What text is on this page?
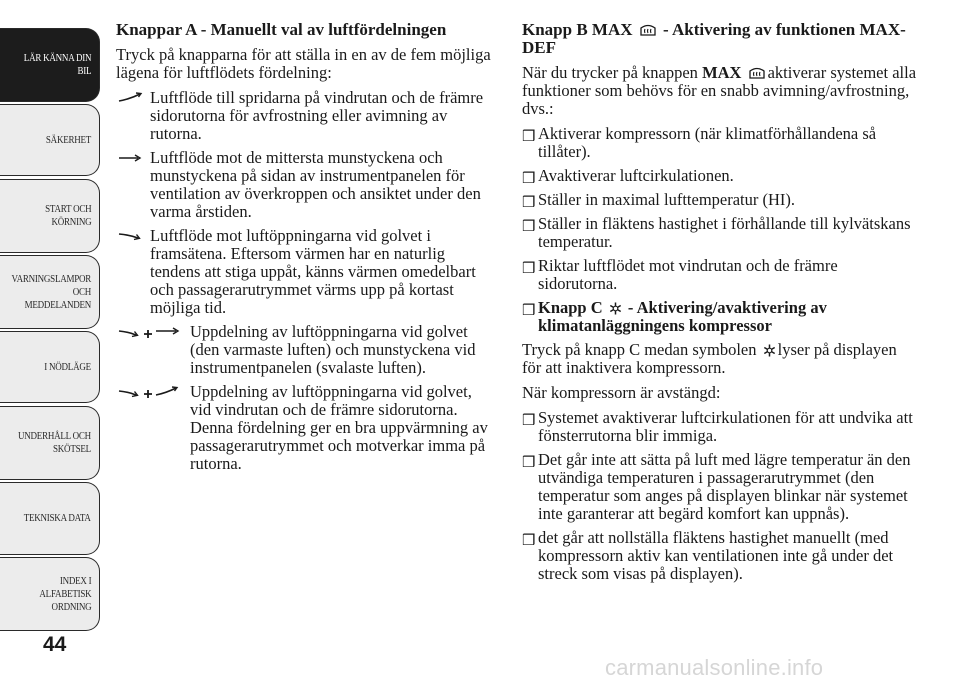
LÄR KÄNNA DIN
BIL
SÄKERHET
START OCH
KÖRNING
VARNINGSLAMPOR
OCH
MEDDELANDEN
I NÖDLÄGE
UNDERHÅLL OCH
SKÖTSEL
TEKNISKA DATA
INDEX I
ALFABETISK
ORDNING
44
carmanualsonline.info
Knappar A - Manuellt val av luftfördelningen
Tryck på knapparna för att ställa in en av de fem möjliga lägena för luftflödets fördelning:
Luftflöde till spridarna på vindrutan och de främre sidorutorna för avfrostning eller avimning av rutorna.
Luftflöde mot de mittersta munstyckena och munstyckena på sidan av instrumentpanelen för ventilation av överkroppen och ansiktet under den varma årstiden.
Luftflöde mot luftöppningarna vid golvet i framsätena. Eftersom värmen har en naturlig tendens att stiga uppåt, känns värmen omedelbart och passagerarutrymmet värms upp på kortast möjliga tid.
Uppdelning av luftöppningarna vid golvet (den varmaste luften) och munstyckena vid instrumentpanelen (svalaste luften).
Uppdelning av luftöppningarna vid golvet, vid vindrutan och de främre sidorutorna. Denna fördelning ger en bra uppvärmning av passagerarutrymmet och motverkar imma på rutorna.
Knapp B MAX  - Aktivering av funktionen MAX-DEF
När du trycker på knappen MAX aktiverar systemet alla funktioner som behövs för en snabb avimning/avfrostning, dvs.:
❒ Aktiverar kompressorn (när klimatförhållandena så tillåter).
❒ Avaktiverar luftcirkulationen.
❒ Ställer in maximal lufttemperatur (HI).
❒ Ställer in fläktens hastighet i förhållande till kylvätskans temperatur.
❒ Riktar luftflödet mot vindrutan och de främre sidorutorna.
❒ Knapp C  - Aktivering/avaktivering av klimatanläggningens kompressor
Tryck på knapp C medan symbolen lyser på displayen för att inaktivera kompressorn.
När kompressorn är avstängd:
❒ Systemet avaktiverar luftcirkulationen för att undvika att fönsterrutorna blir immiga.
❒ Det går inte att sätta på luft med lägre temperatur än den utvändiga temperaturen i passagerarutrymmet (den temperatur som anges på displayen blinkar när systemet inte garanterar att begärd komfort kan uppnås).
❒ det går att nollställa fläktens hastighet manuellt (med kompressorn aktiv kan ventilationen inte gå under det streck som visas på displayen).
